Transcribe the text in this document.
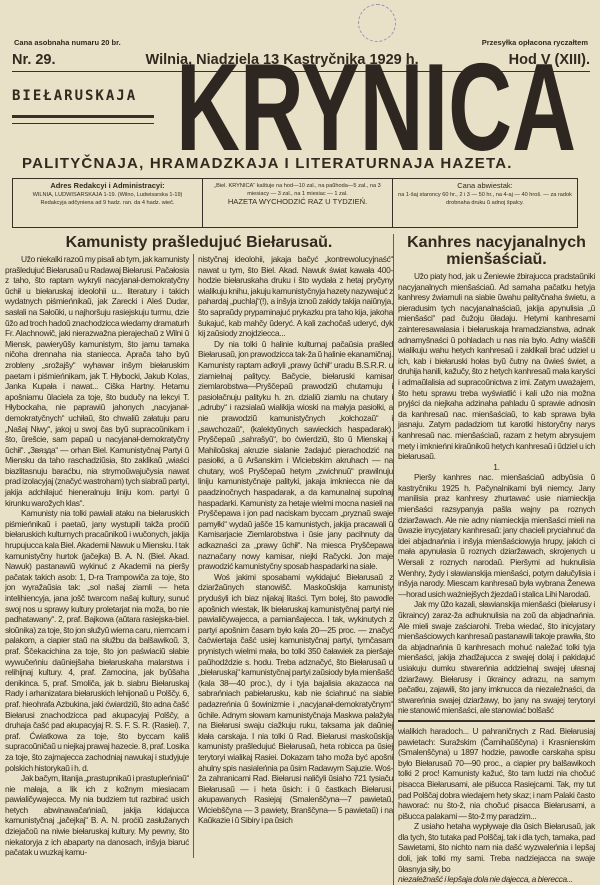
Cana asobnaha numaru 20 br.	Przesyłka opłacona ryczałtem
Nr. 29.	Wilnia, Niadziela 13 Kastryčnika 1929 h.	Hod V (XIII).
BIEŁARUSKAJA KRYNICA
PALITYČNAJA, HRAMADZKAJA I LITERATURNAJA HAZETA.
Adres Redakcyi i Administracyi:
WILNIA, LUDWISARSKAJA 1-19. (Wilno, Ludwisarska 1-19)
Redakcyja adčyniena ad 9 hadz. ran. da 4 hadz. wieč.
„Biel. KRYNICA“ kaštuje na hod—10 zal., na paŭhoda—5 zal., na 3 miesiacy — 3 zal., na 1 miesiac — 1 zal.
HAZETA WYCHODZIĆ RAZ U TYDZIEŃ.
Cana abwiestak:
na 1-šaj staroncy 60 hr., 2 i 3 — 50 hr., na 4-aj — 40 hroš. — za radok drobnaha druku ŭ adnoj špalcy.
Kamunisty prašledujuć Biełarusaŭ.

Užo niekalki razoŭ my pisali ab tym, jak kamunisty prašledujuć Biełarusaŭ u Radawaj Biełarusi. Pačałosia z taho, što raptam wykryli nacyjanał-demokratyčny ŭchił u biełaruskaj ideolohii u... literatury i takich wydatnych piśmieńnikaŭ, jak Zarecki i Aleś Dudar, sasłali na Sałoŭki, u najhoršuju rasiejskuju turmu, dzie ŭžo ad troch hadoŭ znachodzicca wiedamy dramaturh Fr. Alachnowič, jaki nierazwažna pierajechaŭ z Wilni ŭ Miensk, pawieryŭšy kamunistym, što jamu tamaka ničoha drennaha nia staniecca. Aprača taho byŭ zrobleny „srožajšy“ wyhawar inšym biełaruskim paetam i piśmieńnikam, jak T. Hłybocki, Jakub Kolas, Janka Kupała i nawat... Ciška Hartny. Hetamu apošniamu ŭlaciela za toje, što budučy na lekcyi T. Hłybockaha, nie paprawiŭ jahonych „nacyjanał-demokratyčnych“ uchiłaŭ, što chwaliŭ załatuju paru „Našaj Niwy“, jakoj u swoj čas byŭ supracoŭnikam i što, ŭrešcie, sam papaŭ u nacyjanał-demokratyčny ŭchił“. „Звязда“ — orhan Biel. Kamunistyčnaj Partyi ŭ Miensku da taho raschadziŭsia, što zaklikaŭ „wiaści biazlitasnuju baraćbu, nia strymoŭwajučysia nawat prad izolacyjaj (značyć wastroham) tych siabraŭ partyi, jakija adchilajuć hieneralnuju liniju kom. partyi ŭ kirunku warožych klas“.

Kamunisty nia tolki pawiali ataku na biełaruskich piśmieńnikaŭ i paetaŭ, jany wystupili takža proćiŭ biełaruskich kulturnych pracaŭnikoŭ i wučonych, jakija hrupujucca kala Biel. Akademii Nawuk u Miensku. I tak kamunistyčny hurtok (jačejka) B. A. N. (Biel. Akad. Nawuk) pastanawiŭ wykinuć z Akademii na pieršy pačatak takich asob: 1, D-ra Trampowiča za toje, što jon wyražaŭsia tak: „sol našaj ziamli — heta intelihiencyja, jana jošč twarcom našaj kultury, sunuć swoj nos u sprawy kultury proletarjat nia moža, bo nie padhatawany“. 2, praf. Bajkowa (aŭtara rasiejska-biel. słoŭnika) za toje, što jon słužyŭ wierna caru, niemcam i palakom, a ciapier staŭ na słužbu da balšawikoŭ. 3, praf. Ščekacichina za toje, što jon paświaciŭ słabie wywučeńniu daŭniejšaha biełaruskaha malarstwa i relihijnaj kultury. 4, praf. Zamocina, jak byŭšaha denikinca. 5, praf. Smoliča, jak b. siabru Biełaruskaj Rady i arhanizatara biełaruskich lehijonaŭ u Polščy. 6, praf. hieohrafa Azbukina, jaki ćwiardziŭ, što adna čašć Biełarusi znachodzicca pad akupacyjaj Polščy, a druhaja čašć pad akupacyjaj R. S. F. S. R. (Rasiei). 7, praf. Ćwiatkowa za toje, što byccam kališ supracoŭničaŭ u niejkaj prawaj hazecie. 8, praf. Losika za toje, što zajmajecca zachodniaj nawukaj i studyjuje polskich historykaŭ i h. d.

Jak bačym, litanija „prastupnikaŭ i prastupleńniaŭ“ nie małaja, a lik ich z kožnym miesiacam pawialičywajecca. My nia budziem tut razbirać usich hetych abwinawačańniaŭ, jakija kidajucca kamunistyčnaj „jačejkaj“ B. A. N. proćiŭ zasłužanych dziejačoŭ na niwie biełaruskaj kultury. My pewny, što niekatoryja z ich abaparty na danosach, inšyja biaruć pačatak u wuzkaj kamu-

nistyčnaj ideolohii, jakaja bačyć „kontrewolucyjnaść“ nawat u tym, što Biel. Akad. Nawuk świat kawała 400-hodzie biełaruskaha druku i što wydała z hetaj pryčyny wialikuju knihu, jakuju kamunistyčnyja hazety nazywajuć z pahardaj „puchlaj“(!), a inšyja iznoŭ zakidy takija naiŭnyja, što sapraŭdy prypaminajuć prykazku pra taho kija, jakoha šukajuć, kab mahčy ŭderyć. A kali zachočaš uderyć, dyk kij zaŭsiody znojdziecca...

Dy nia tolki ŭ halinie kulturnaj pačaŭsia prašled Biełarusaŭ, jon prawodzicca tak-ža ŭ halinie ekanamičnaj. Kamunisty raptam adkryli „prawy ŭchił“ uradu B.S.R.R. u ziamielnaj palitycy. Bačycie, biełaruski kamisar ziemlarobstwa—Pryščepaŭ prawodziŭ chutarnuju i pasiołačnuju palityku h. zn. dzialiŭ ziamlu na chutary i „adruby“ i razsialaŭ wialikija wioski na małyja pasiołki, a nie prawodziŭ kamunistyčnych „kołchozaŭ“ i „sawchozaŭ“, (kalektyŭnych sawieckich haspadarak). Pryščepaŭ „sahrašyŭ“, bo ćwierdziŭ, što ŭ Mienskaj i Mahiloŭskaj akruzie sialanie žadajuć pierachodzić na pasiołki, a ŭ Aršanskim i Wiciebskim akruhach — na chutary, woš Pryščepaŭ hetym „zwichnuŭ“ prawilnuju liniju kamunistyčnaje palityki, jakaja imkniecca nie da paadzinočnych haspadarak, a da kamunalnaj supolnaj haspadarki. Kamunisty za hetaje wielmi mocna nasieli na Pryščepawa i jon pad naciskam byccam „pryznaŭ swaje pamyłki“ wydaŭ jašče 15 kamunistych, jakija pracawali ŭ Kamisarjacie Ziemlarobstwa i ŭsie jany pacihnuty da adkaznaści za „prawy ŭchił“. Na miesca Pryščepawa naznačany nowy kamisar, niejki Račycki. Jon maje prawodzić kamunistyčny sposab haspadarki na siale.

Woś jakimi sposabami wykidajuć Biełarusaŭ z dziaržaŭnych stanowišč. Maskoŭskija kamunisty pryduśyli ich biaz nijakaj litaści. Tym bolej, što pawodle apošnich wiestak, lik biełaruskaj kamunistyčnaj partyi nie pawialičywajecca, a pamianšajecca. I tak, wykinutych z partyi apošnim časam było kala 20—25 proc. — značyć čaćwiertaja čašć usiej kamunistyčnaj partyi, tymčasam prynistych wielmi mała, bo tolki 350 čaławiek za pieršaje paŭhodździe s. hodu. Treba adznačyć, što Biełarusaŭ u „biełaruskaj“ kamunistyčnaj partyi zaŭsiody była mienšašć (kala 38—40 proc.), dy i tyja bajalisia akazacca na sabrańniach pabiełarusku, kab nie ściahnuć na siabie padazreńnia ŭ šowinizmie i „nacyjanał-demokratyčnym“ ŭchile. Adnym słowam kamunistyčnaja Maskwa pałažyła na Biełarusi swaju ciažkuju ruku, taksama jak daŭniej kłała carskaja. I nia tolki ŭ Rad. Biełarusi maskoŭskija kamunisty prašledujuć Biełarusaŭ, heta robicca pa ŭsiej terytoryi wialikaj Rasiei. Dokazam taho moža być apošni ahulny spis nasialeńnia pa ŭsim Radawym Sajuzie. Woś-ža zahranicami Rad. Biełarusi naličyli ŭsiaho 721 tysiaču Biełarusaŭ — i heta ŭsich: i ŭ častkach Biełarusi, akupawanych Rasiejaj (Smalenščyna—7 pawietaŭ, Wiciebščyna — 3 pawiety, Branščyna— 5 pawietaŭ) i na Kaŭkazie i ŭ Sibiry i pa ŭsich

Kanhres nacyjanalnych mienšaściaŭ.

Užo piaty hod, jak u Ženiewie źbirajucca pradstaŭniki nacyjanalnych mienšaściaŭ. Ad samaha pačatku hetyja kanhresy źwiarnuli na siabie ŭwahu palityčnaha świetu, a pieradusim tych nacyjanalnaściaŭ, jakija apynulisia „ŭ mienšaści“ pad čužoju ŭładaju. Hetymi kanhresami zainteresawalasia i biełaruskaja hramadzianstwa, adnak adnamyšnaści ŭ pohladach u nas nia było. Adny wiaščili wialikuju wahu hetych kanhresaŭ i zaklikali brać udziel u ich, kab i biełaruski hołas byŭ čutny na ŭwieś świet, a druhija hanili, kažučy, što z hetych kanhresaŭ mała karyści i admaŭlalisia ad supracoŭnictwa z imi. Zatym uważajem, što hetu sprawu treba wyświatlić i kali užo nia možna pryjści da niejkaha adzinaha pahladu ŭ sprawie adnosin da kanhresaŭ nac. mienšaściaŭ, to kab sprawa była jasnaju. Zatym padadziom tut karotki historyčny narys kanhresaŭ nac. mienšaściaŭ, razam z hetym abrysujem mety i imknieńni kiraŭnikoŭ hetych kanhresaŭ i ŭdziel u ich biełarusaŭ.

1.

Pieršy kanhres nac. mienšaściaŭ adbyŭsia ŭ kastryčniku 1925 h. Pačynalnikami byli niemcy. Jany manilisia praz kanhresy zhurtawać usie niamieckija mienšaści razsypanyja pašla wajny pa roznych dziaržawach. Ale nie adny niamieckija mienšaści mieli na ŭwazie inycyjatary kanhresaŭ: jany chacieli pryciahnuć da idei abjadnańnia i inšyja mienšaściowyja hrupy, jakich ci mała apynułasia ŭ roznych dziaržawach, skrojenych u Wersali z roznych narodaŭ. Pieršymi ad huknulisia Wenhry, žydy i sławianskija mienšaści, potym dałučylisia i inšyja narody. Miescam kanhresaŭ była wybrana Ženewa—horad usich ważniejšych źjezdaŭ i stalica Lihi Narodaŭ.

Jak my ŭžo kazali, sławianskija mienšaści (biełarusy i ŭkraincy) zaraz-ža adhuknulisia na zoŭ da abjadnańnia. Ale mieli swaje zaściarohi. Treba wiedać, što inicyjatary mienšaściowych kanhresaŭ pastanawili takoje prawiła, što da abjadnańnia ŭ kanhresach mohuć naležać tolki tyja mienšaści, jakija zhadžajucca z swajej dolaj i pakidajuć usiakuju dumku stwareńnia addzielnaj swajej ułasnaj dziaržawy. Biełarusy i ŭkraincy adrazu, na samym pačatku, zajawili, što jany imknucca da niezaležnaści, da stwareńnia swajej dziaržawy, bo jany na swajej terytoryi nie stanowić mienšaści, ale stanowiać bolšašć

wialikich haradoch... U pahraničnych z Rad. Biełarusiaj pawietach: Suražskim (Čarnihaŭščyna) i Krasnienskim (Smalenščyna) u 1897 hodzie, pawodle carskaha spisu było Biełarusaŭ 70—90 proc., a ciapier pry balšawikoch tolki 2 proc! Kamunisty kažuć, što tam ludzi nia chočuć pisacca Biełarusami, ale pišucca Rasiejcami. Tak, my tut pad Polščaj dobra wiedajem hety skaz; i nam Palaki často haworać: nu što-ž, nia chočuć pisacca Biełarusami, a pišucca palakami — što-ž my paradzim...

Z usiaho hetaha wypływaje dla ŭsich Biełarusaŭ, jak dla tych, što tutaka pad Polščaj, tak i dla tych, tamaka, pad Sawietami, što nichto nam nia dašć wyzwaleńnia i lepšaj doli, jak tolki my sami. Treba nadziejacca na swaje ŭłasnyja siły, bo

niezaležnašć i lepšaja dola nie dajecca, a bierecca...
